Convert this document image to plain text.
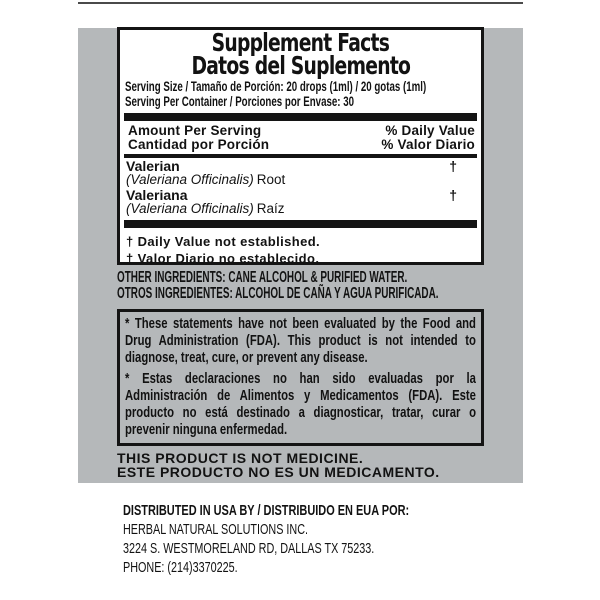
Supplement Facts
Datos del Suplemento
Serving Size / Tamaño de Porción: 20 drops (1ml) / 20 gotas (1ml)
Serving Per Container / Porciones por Envase: 30
Amount Per Serving	% Daily Value
Cantidad por Porción	% Valor Diario
Valerian	†
(Valeriana Officinalis) Root
Valeriana	†
(Valeriana Officinalis) Raíz
† Daily Value not established.
† Valor Diario no establecido.
OTHER INGREDIENTS: CANE ALCOHOL & PURIFIED WATER.
OTROS INGREDIENTES: ALCOHOL DE CAÑA Y AGUA PURIFICADA.
* These statements have not been evaluated by the Food and Drug Administration (FDA). This product is not intended to diagnose, treat, cure, or prevent any disease.
* Estas declaraciones no han sido evaluadas por la Administración de Alimentos y Medicamentos (FDA). Este producto no está destinado a diagnosticar, tratar, curar o prevenir ninguna enfermedad.
THIS PRODUCT IS NOT MEDICINE.
ESTE PRODUCTO NO ES UN MEDICAMENTO.
DISTRIBUTED IN USA BY / DISTRIBUIDO EN EUA POR:
HERBAL NATURAL SOLUTIONS INC.
3224 S. WESTMORELAND RD, DALLAS TX 75233.
PHONE: (214)3370225.
